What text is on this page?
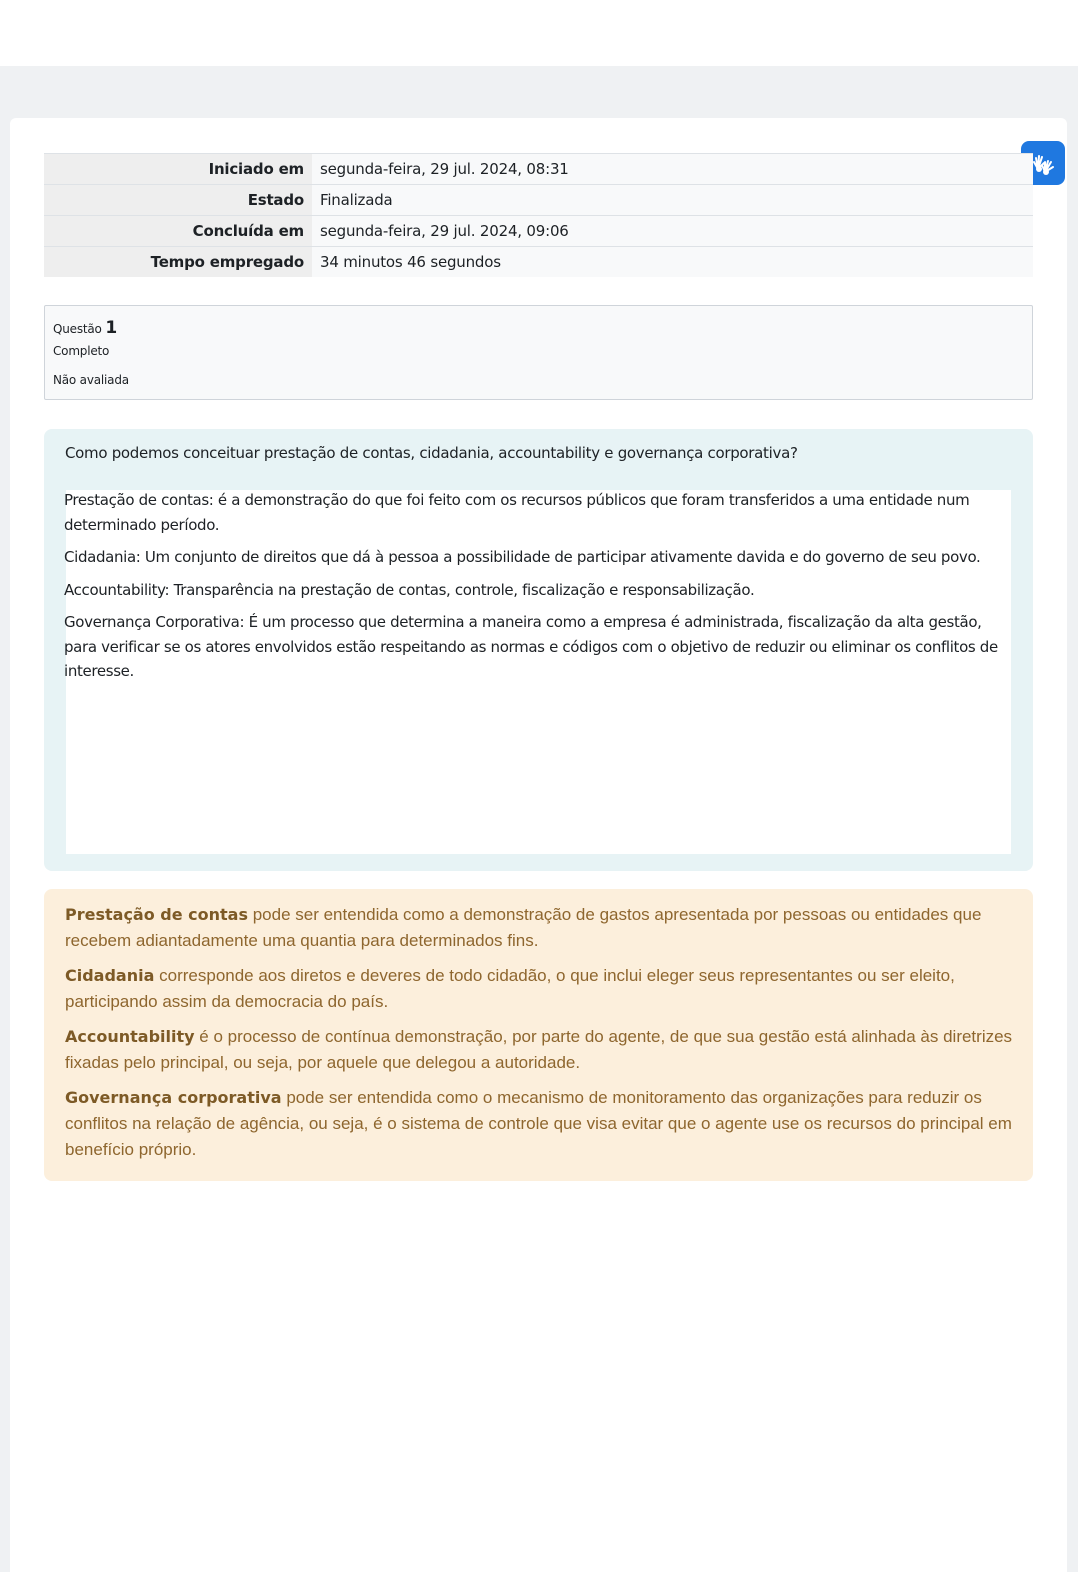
Iniciado em	segunda-feira, 29 jul. 2024, 08:31
Estado	Finalizada
Concluída em	segunda-feira, 29 jul. 2024, 09:06
Tempo empregado	34 minutos 46 segundos
Questão 1
Completo
Não avaliada
Como podemos conceituar prestação de contas, cidadania, accountability e governança corporativa?

Prestação de contas: é a demonstração do que foi feito com os recursos públicos que foram transferidos a uma entidade num determinado período.

Cidadania: Um conjunto de direitos que dá à pessoa a possibilidade de participar ativamente davida e do governo de seu povo.

Accountability: Transparência na prestação de contas, controle, fiscalização e responsabilização.

Governança Corporativa: É um processo que determina a maneira como a empresa é administrada, fiscalização da alta gestão, para verificar se os atores envolvidos estão respeitando as normas e códigos com o objetivo de reduzir ou eliminar os conflitos de interesse.

Prestação de contas pode ser entendida como a demonstração de gastos apresentada por pessoas ou entidades que recebem adiantadamente uma quantia para determinados fins.

Cidadania corresponde aos diretos e deveres de todo cidadão, o que inclui eleger seus representantes ou ser eleito, participando assim da democracia do país.

Accountability é o processo de contínua demonstração, por parte do agente, de que sua gestão está alinhada às diretrizes fixadas pelo principal, ou seja, por aquele que delegou a autoridade.

Governança corporativa pode ser entendida como o mecanismo de monitoramento das organizações para reduzir os conflitos na relação de agência, ou seja, é o sistema de controle que visa evitar que o agente use os recursos do principal em benefício próprio.
